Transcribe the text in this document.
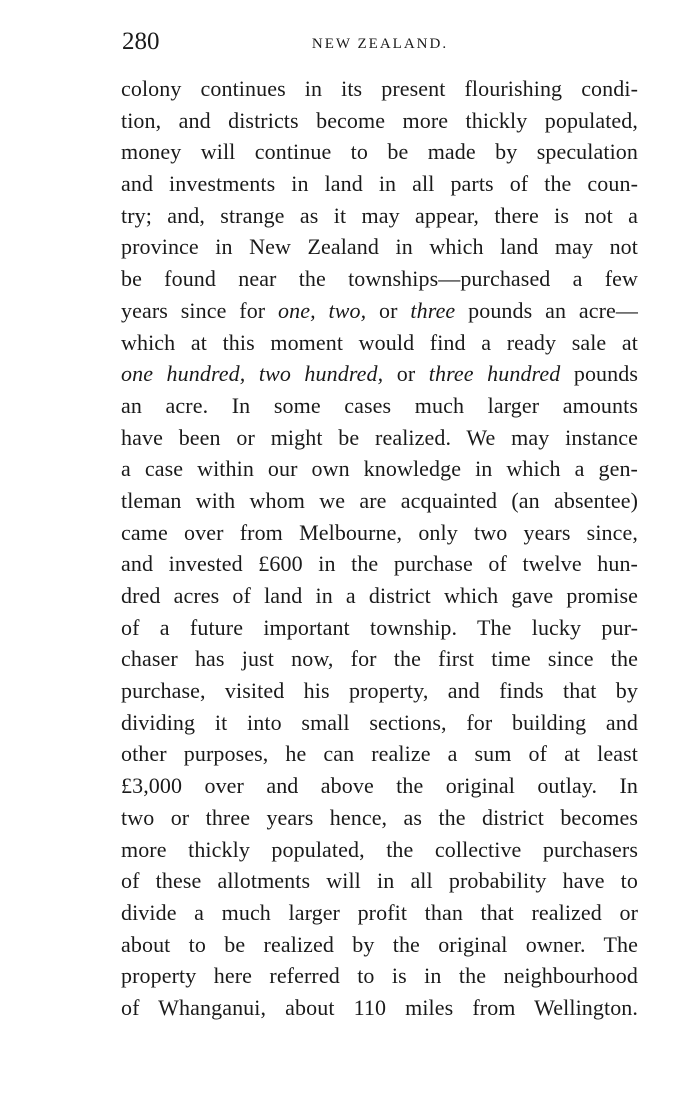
280	NEW ZEALAND.
colony continues in its present flourishing condi-
tion, and districts become more thickly populated,
money will continue to be made by speculation
and investments in land in all parts of the coun-
try; and, strange as it may appear, there is not a
province in New Zealand in which land may not
be found near the townships—purchased a few
years since for one, two, or three pounds an acre—
which at this moment would find a ready sale at
one hundred, two hundred, or three hundred pounds
an acre. In some cases much larger amounts
have been or might be realized. We may instance
a case within our own knowledge in which a gen-
tleman with whom we are acquainted (an absentee)
came over from Melbourne, only two years since,
and invested £600 in the purchase of twelve hun-
dred acres of land in a district which gave promise
of a future important township. The lucky pur-
chaser has just now, for the first time since the
purchase, visited his property, and finds that by
dividing it into small sections, for building and
other purposes, he can realize a sum of at least
£3,000 over and above the original outlay. In
two or three years hence, as the district becomes
more thickly populated, the collective purchasers
of these allotments will in all probability have to
divide a much larger profit than that realized or
about to be realized by the original owner. The
property here referred to is in the neighbourhood
of Whanganui, about 110 miles from Wellington.
